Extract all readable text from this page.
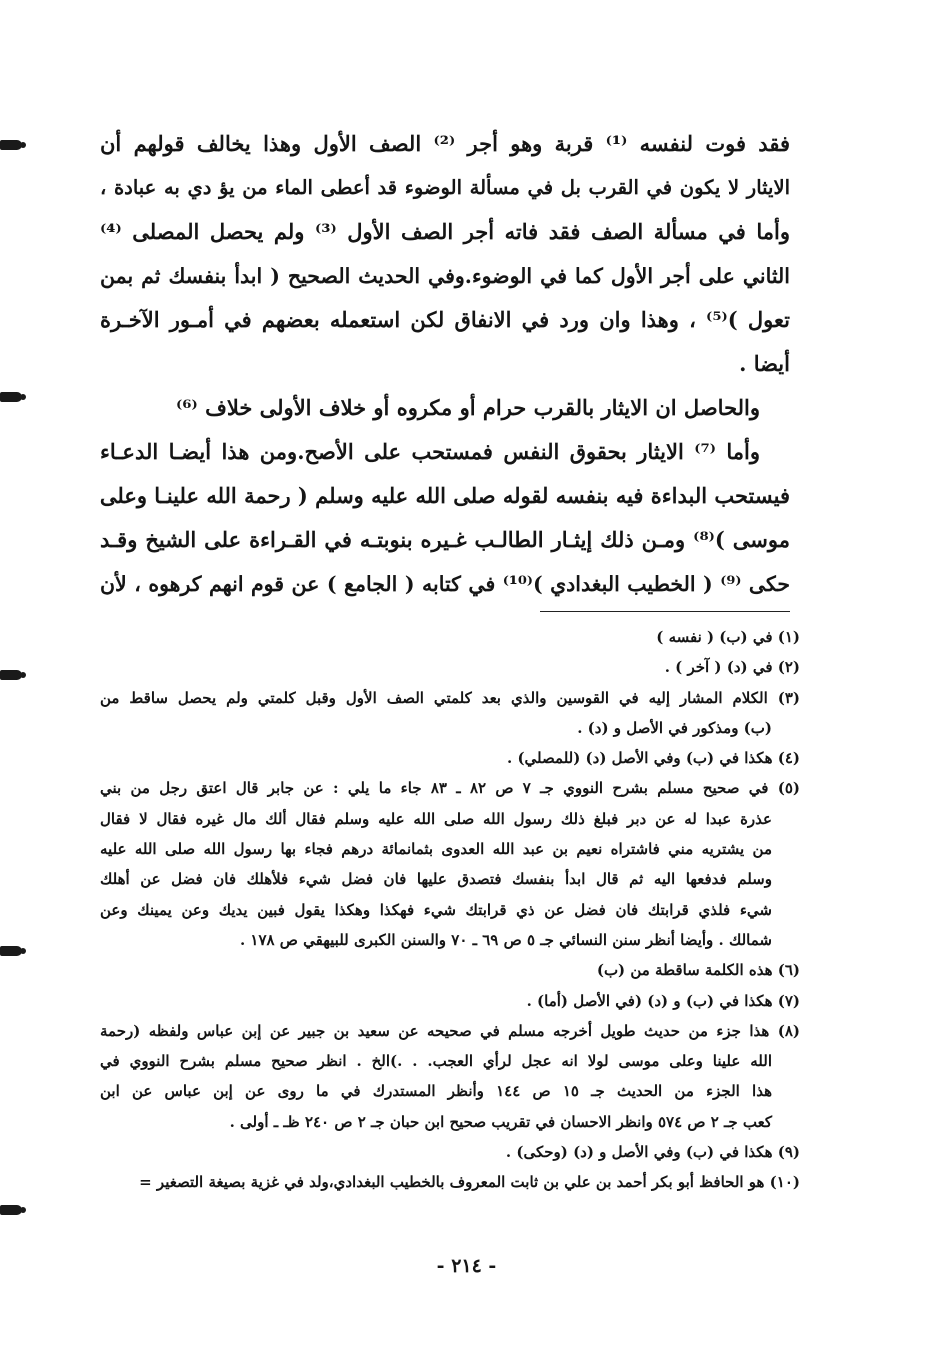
فقد فوت لنفسه ⁽¹⁾ قربة وهو أجر ⁽²⁾ الصف الأول وهذا يخالف قولهم أن
الايثار لا يكون في القرب بل في مسألة الوضوء قد أعطى الماء من يؤ دي به عبادة ،
وأما في مسألة الصف فقد فاته أجر الصف الأول ⁽³⁾ ولم يحصل المصلى ⁽⁴⁾
الثاني على أجر الأول كما في الوضوء.وفي الحديث الصحيح ( ابدأ بنفسك ثم بمن
تعول )⁽⁵⁾ ، وهذا وان ورد في الانفاق لكن استعمله بعضهم في أمـور الآخـرة
أيضا .
والحاصل ان الايثار بالقرب حرام أو مكروه أو خلاف الأولى خلاف ⁽⁶⁾
وأما ⁽⁷⁾ الايثار بحقوق النفس فمستحب على الأصح.ومن هذا أيضـا الدعـاء
فيستحب البداءة فيه بنفسه لقوله صلى الله عليه وسلم ( رحمة الله علينـا وعلى
موسى )⁽⁸⁾ ومـن ذلك إيثـار الطالـب غـيره بنوبتـه في القـراءة على الشيخ وقـد
حكى ⁽⁹⁾ ( الخطيب البغدادي )⁽¹⁰⁾ في كتابه ( الجامع ) عن قوم انهم كرهوه ، لأن
(١) في (ب) ( نفسه )
(٢) في (د) ( آخر ) .
(٣) الكلام المشار إليه في القوسين والذي بعد كلمتي الصف الأول وقبل كلمتي ولم يحصل ساقط من
(ب) ومذكور في الأصل و (د) .
(٤) هكذا في (ب) وفي الأصل (د) (للمصلي) .
(٥) في صحيح مسلم بشرح النووي جـ ٧ ص ٨٢ ـ ٨٣ جاء ما يلي : عن جابر قال اعتق رجل من بني
عذرة عبدا له عن دبر فبلغ ذلك رسول الله صلى الله عليه وسلم فقال ألك مال غيره فقال لا فقال
من يشتريه مني فاشتراه نعيم بن عبد الله العدوى بثمانمائة درهم فجاء بها رسول الله صلى الله عليه
وسلم فدفعها اليه ثم قال ابدأ بنفسك فتصدق عليها فان فضل شيء فلأهلك فان فضل عن أهلك
شيء فلذي قرابتك فان فضل عن ذي قرابتك شيء فهكذا وهكذا يقول فبين يديك وعن يمينك وعن
شمالك . وأيضا أنظر سنن النسائي جـ ٥ ص ٦٩ ـ ٧٠ والسنن الكبرى للبيهقي ص ١٧٨ .
(٦) هذه الكلمة ساقطة من (ب)
(٧) هكذا في (ب) و (د) (في الأصل (أما) .
(٨) هذا جزء من حديث طويل أخرجه مسلم في صحيحه عن سعيد بن جبير عن إبن عباس ولفظه (رحمة
الله علينا وعلى موسى لولا انه عجل لرأي العجب. . .)الخ . انظر صحيح مسلم بشرح النووي في
هذا الجزء من الحديث جـ ١٥ ص ١٤٤ وأنظر المستدرك في ما روى عن إبن عباس عن ابن
كعب جـ ٢ ص ٥٧٤ وانظر الاحسان في تقريب صحيح ابن حبان جـ ٢ ص ٢٤٠ ظـ ـ أولى .
(٩) هكذا في (ب) وفي الأصل و (د) (وحكى) .
(١٠) هو الحافظ أبو بكر أحمد بن علي بن ثابت المعروف بالخطيب البغدادي،ولد في غزية بصيغة التصغير =
- ٢١٤ -
